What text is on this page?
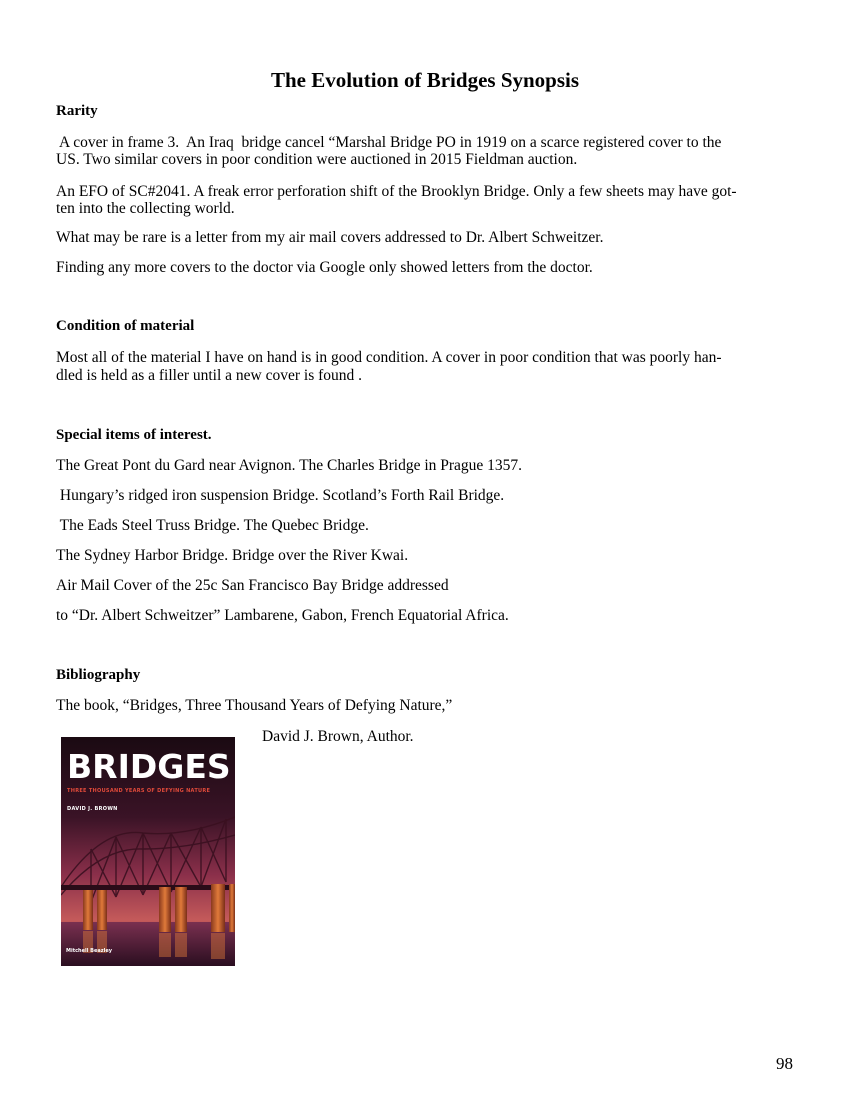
The Evolution of Bridges Synopsis
Rarity
A cover in frame 3.  An Iraq  bridge cancel “Marshal Bridge PO in 1919 on a scarce registered cover to the
US. Two similar covers in poor condition were auctioned in 2015 Fieldman auction.
An EFO of SC#2041. A freak error perforation shift of the Brooklyn Bridge. Only a few sheets may have got-
ten into the collecting world.
What may be rare is a letter from my air mail covers addressed to Dr. Albert Schweitzer.
Finding any more covers to the doctor via Google only showed letters from the doctor.
Condition of material
Most all of the material I have on hand is in good condition. A cover in poor condition that was poorly han-
dled is held as a filler until a new cover is found .
Special items of interest.
The Great Pont du Gard near Avignon. The Charles Bridge in Prague 1357.
Hungary’s ridged iron suspension Bridge. Scotland’s Forth Rail Bridge.
The Eads Steel Truss Bridge. The Quebec Bridge.
The Sydney Harbor Bridge. Bridge over the River Kwai.
Air Mail Cover of the 25c San Francisco Bay Bridge addressed
to “Dr. Albert Schweitzer” Lambarene, Gabon, French Equatorial Africa.
Bibliography
The book, “Bridges, Three Thousand Years of Defying Nature,”
David J. Brown, Author.
BRIDGES
THREE THOUSAND YEARS OF DEFYING NATURE
DAVID J. BROWN
Mitchell Beazley
98
